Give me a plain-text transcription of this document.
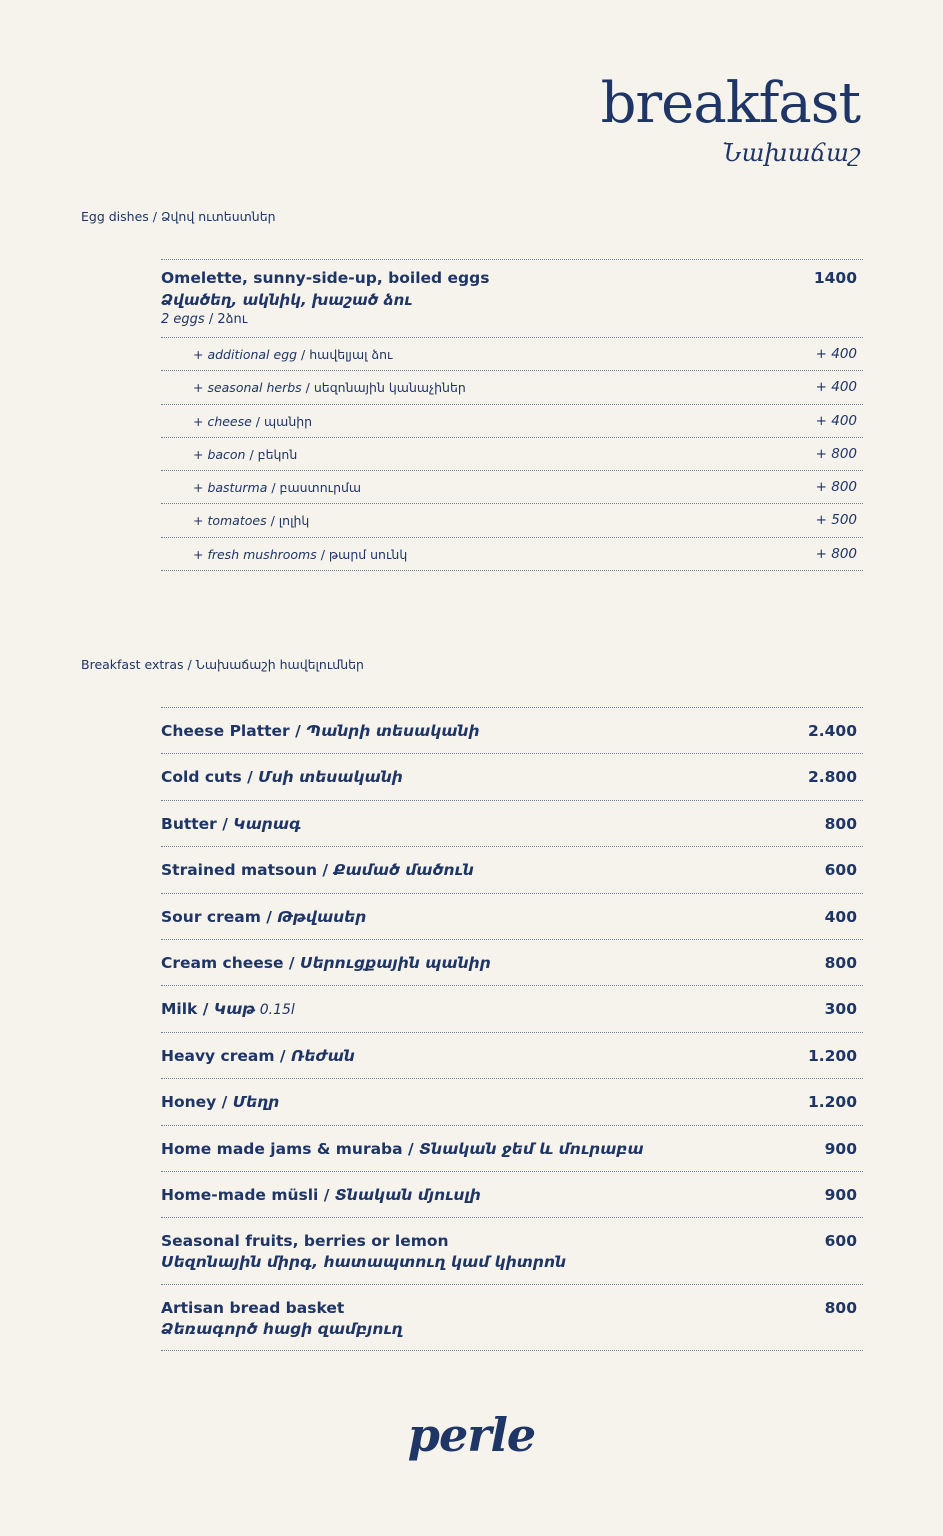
breakfast
Նախաճաշ
Egg dishes / Ձվով ուտեստներ
Omelette, sunny-side-up, boiled eggs
Ձվածեղ, ակնիկ, խաշած ձու
2 eggs / 2ձու
1400
+ additional egg / հավելյալ ձու	+ 400
+ seasonal herbs / սեզոնային կանաչիներ	+ 400
+ cheese / պանիր	+ 400
+ bacon / բեկոն	+ 800
+ basturma / բաստուրմա	+ 800
+ tomatoes / լոլիկ	+ 500
+ fresh mushrooms / թարմ սունկ	+ 800
Breakfast extras / Նախաճաշի հավելումներ
Cheese Platter / Պանրի տեսականի	2.400
Cold cuts / Մսի տեսականի	2.800
Butter / Կարագ	800
Strained matsoun / Քամած մածուն	600
Sour cream / Թթվասեր	400
Cream cheese / Սերուցքային պանիր	800
Milk / Կաթ 0.15l	300
Heavy cream / Ռեժան	1.200
Honey / Մեղր	1.200
Home made jams & muraba / Տնական ջեմ և մուրաբա	900
Home-made müsli / Տնական մյուսլի	900
Seasonal fruits, berries or lemon
Սեզոնային միրգ, հատապտուղ կամ կիտրոն
600
Artisan bread basket
Ձեռագործ հացի զամբյուղ
800
perle
